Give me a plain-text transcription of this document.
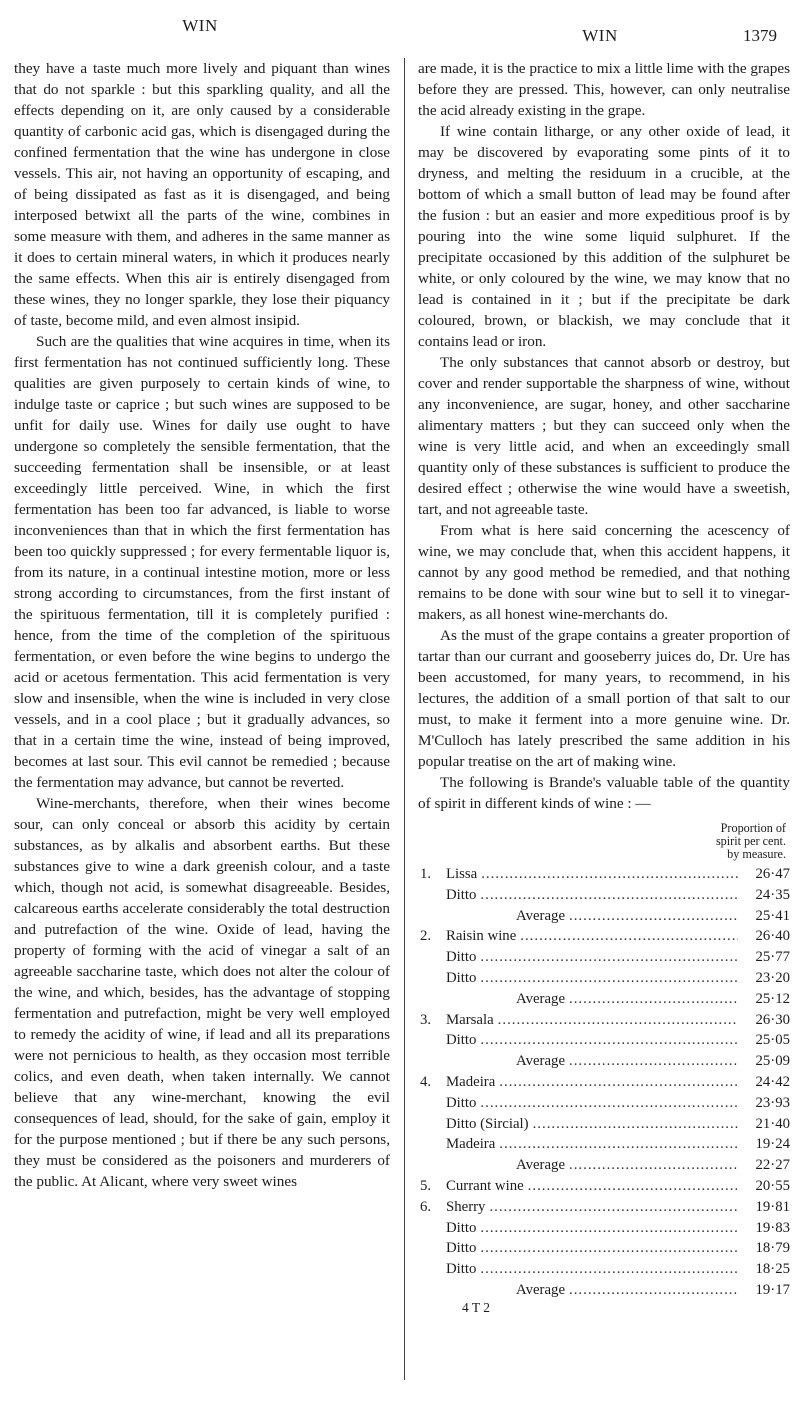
WIN
WIN	1379

they have a taste much more lively and piquant than wines that do not sparkle : but this sparkling quality, and all the effects depending on it, are only caused by a considerable quantity of carbonic acid gas, which is disengaged during the confined fermentation that the wine has undergone in close vessels. This air, not having an opportunity of escaping, and of being dissipated as fast as it is disengaged, and being interposed betwixt all the parts of the wine, combines in some measure with them, and adheres in the same manner as it does to certain mineral waters, in which it produces nearly the same effects. When this air is entirely disengaged from these wines, they no longer sparkle, they lose their piquancy of taste, become mild, and even almost insipid.

Such are the qualities that wine acquires in time, when its first fermentation has not continued sufficiently long. These qualities are given purposely to certain kinds of wine, to indulge taste or caprice ; but such wines are supposed to be unfit for daily use. Wines for daily use ought to have undergone so completely the sensible fermentation, that the succeeding fermentation shall be insensible, or at least exceedingly little perceived. Wine, in which the first fermentation has been too far advanced, is liable to worse inconveniences than that in which the first fermentation has been too quickly suppressed ; for every fermentable liquor is, from its nature, in a continual intestine motion, more or less strong according to circumstances, from the first instant of the spirituous fermentation, till it is completely purified : hence, from the time of the completion of the spirituous fermentation, or even before the wine begins to undergo the acid or acetous fermentation. This acid fermentation is very slow and insensible, when the wine is included in very close vessels, and in a cool place ; but it gradually advances, so that in a certain time the wine, instead of being improved, becomes at last sour. This evil cannot be remedied ; because the fermentation may advance, but cannot be reverted.

Wine-merchants, therefore, when their wines become sour, can only conceal or absorb this acidity by certain substances, as by alkalis and absorbent earths. But these substances give to wine a dark greenish colour, and a taste which, though not acid, is somewhat disagreeable. Besides, calcareous earths accelerate considerably the total destruction and putrefaction of the wine. Oxide of lead, having the property of forming with the acid of vinegar a salt of an agreeable saccharine taste, which does not alter the colour of the wine, and which, besides, has the advantage of stopping fermentation and putrefaction, might be very well employed to remedy the acidity of wine, if lead and all its preparations were not pernicious to health, as they occasion most terrible colics, and even death, when taken internally. We cannot believe that any wine-merchant, knowing the evil consequences of lead, should, for the sake of gain, employ it for the purpose mentioned ; but if there be any such persons, they must be considered as the poisoners and murderers of the public. At Alicant, where very sweet wines

are made, it is the practice to mix a little lime with the grapes before they are pressed. This, however, can only neutralise the acid already existing in the grape.

If wine contain litharge, or any other oxide of lead, it may be discovered by evaporating some pints of it to dryness, and melting the residuum in a crucible, at the bottom of which a small button of lead may be found after the fusion : but an easier and more expeditious proof is by pouring into the wine some liquid sulphuret. If the precipitate occasioned by this addition of the sulphuret be white, or only coloured by the wine, we may know that no lead is contained in it ; but if the precipitate be dark coloured, brown, or blackish, we may conclude that it contains lead or iron.

The only substances that cannot absorb or destroy, but cover and render supportable the sharpness of wine, without any inconvenience, are sugar, honey, and other saccharine alimentary matters ; but they can succeed only when the wine is very little acid, and when an exceedingly small quantity only of these substances is sufficient to produce the desired effect ; otherwise the wine would have a sweetish, tart, and not agreeable taste.

From what is here said concerning the acescency of wine, we may conclude that, when this accident happens, it cannot by any good method be remedied, and that nothing remains to be done with sour wine but to sell it to vinegar-makers, as all honest wine-merchants do.

As the must of the grape contains a greater proportion of tartar than our currant and gooseberry juices do, Dr. Ure has been accustomed, for many years, to recommend, in his lectures, the addition of a small portion of that salt to our must, to make it ferment into a more genuine wine. Dr. M'Culloch has lately prescribed the same addition in his popular treatise on the art of making wine.

The following is Brande's valuable table of the quantity of spirit in different kinds of wine : —

Proportion of
spirit per cent.
by measure.
1.	Lissa .....	26·47
Ditto .....	24·35
Average .....	25·41
2.	Raisin wine .....	26·40
Ditto .....	25·77
Ditto .....	23·20
Average .....	25·12
3.	Marsala .....	26·30
Ditto .....	25·05
Average .....	25·09
4.	Madeira .....	24·42
Ditto .....	23·93
Ditto (Sircial) .....	21·40
Madeira .....	19·24
Average .....	22·27
5.	Currant wine .....	20·55
6.	Sherry .....	19·81
Ditto .....	19·83
Ditto .....	18·79
Ditto .....	18·25
Average .....	19·17
4 T 2
